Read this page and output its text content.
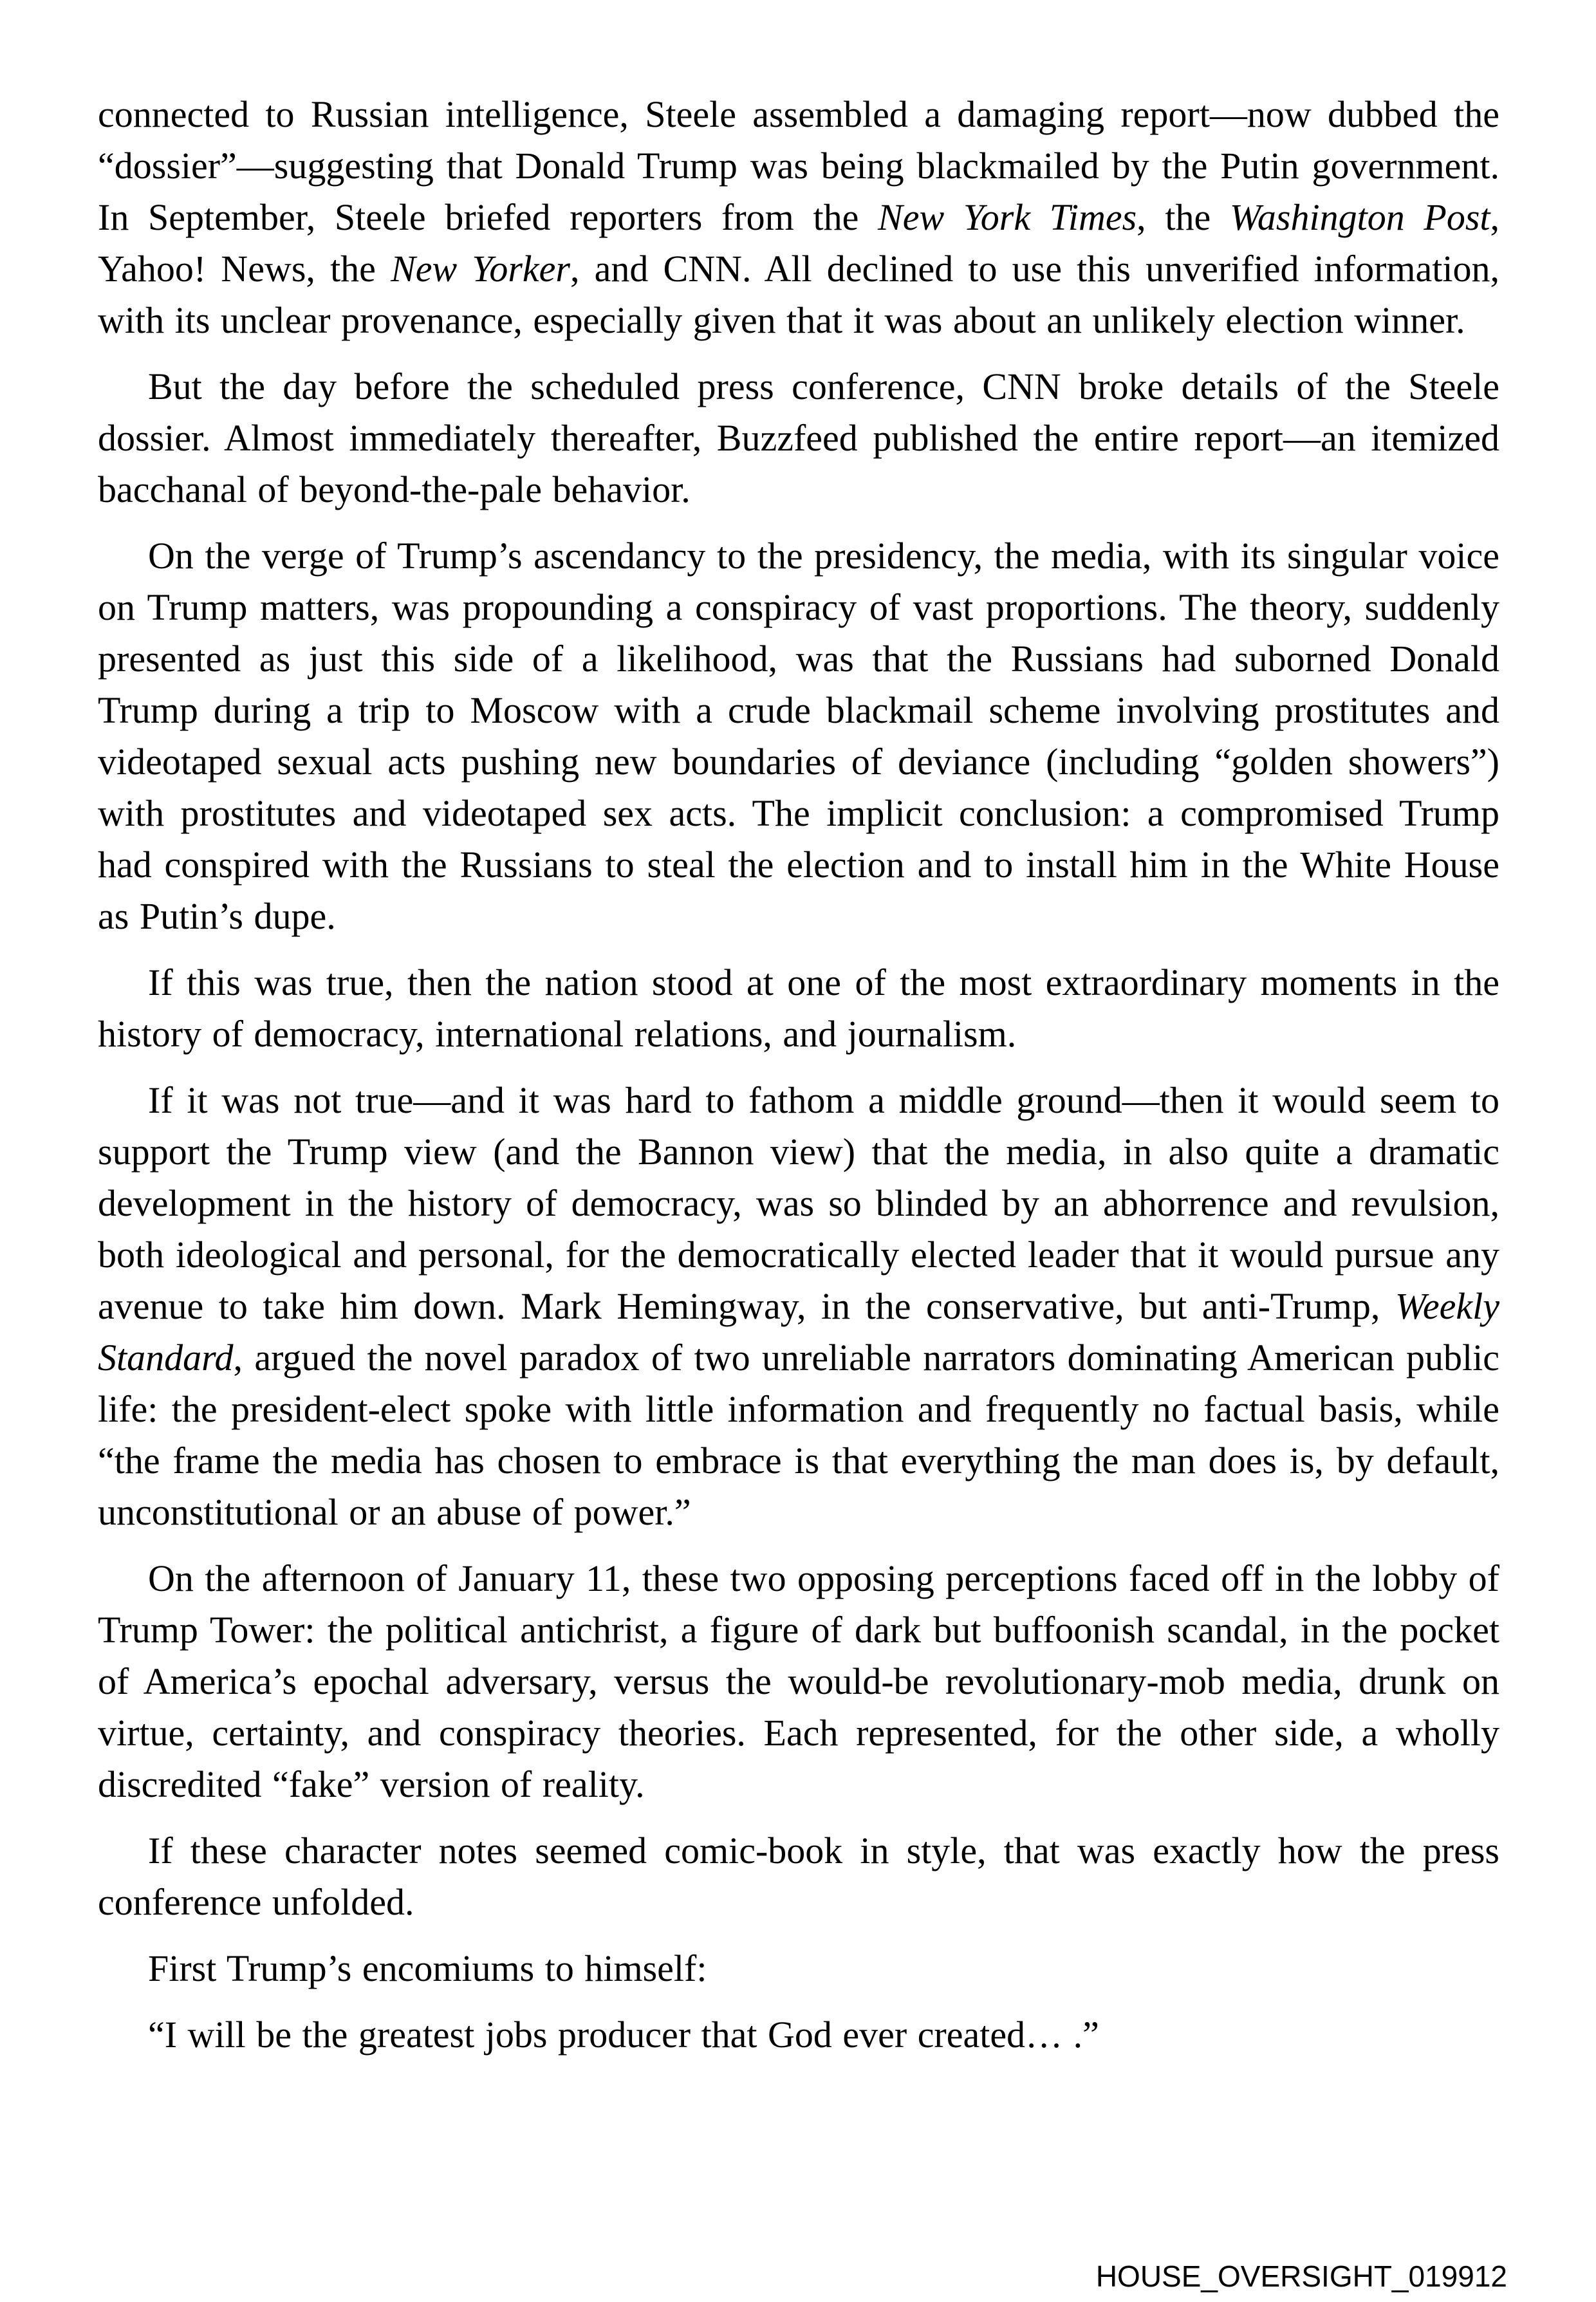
connected to Russian intelligence, Steele assembled a damaging report—now dubbed the “dossier”—suggesting that Donald Trump was being blackmailed by the Putin government. In September, Steele briefed reporters from the New York Times, the Washington Post, Yahoo! News, the New Yorker, and CNN. All declined to use this unverified information, with its unclear provenance, especially given that it was about an unlikely election winner.

But the day before the scheduled press conference, CNN broke details of the Steele dossier. Almost immediately thereafter, Buzzfeed published the entire report—an itemized bacchanal of beyond-the-pale behavior.

On the verge of Trump’s ascendancy to the presidency, the media, with its singular voice on Trump matters, was propounding a conspiracy of vast proportions. The theory, suddenly presented as just this side of a likelihood, was that the Russians had suborned Donald Trump during a trip to Moscow with a crude blackmail scheme involving prostitutes and videotaped sexual acts pushing new boundaries of deviance (including “golden showers”) with prostitutes and videotaped sex acts. The implicit conclusion: a compromised Trump had conspired with the Russians to steal the election and to install him in the White House as Putin’s dupe.

If this was true, then the nation stood at one of the most extraordinary moments in the history of democracy, international relations, and journalism.

If it was not true—and it was hard to fathom a middle ground—then it would seem to support the Trump view (and the Bannon view) that the media, in also quite a dramatic development in the history of democracy, was so blinded by an abhorrence and revulsion, both ideological and personal, for the democratically elected leader that it would pursue any avenue to take him down. Mark Hemingway, in the conservative, but anti-Trump, Weekly Standard, argued the novel paradox of two unreliable narrators dominating American public life: the president-elect spoke with little information and frequently no factual basis, while “the frame the media has chosen to embrace is that everything the man does is, by default, unconstitutional or an abuse of power.”

On the afternoon of January 11, these two opposing perceptions faced off in the lobby of Trump Tower: the political antichrist, a figure of dark but buffoonish scandal, in the pocket of America’s epochal adversary, versus the would-be revolutionary-mob media, drunk on virtue, certainty, and conspiracy theories. Each represented, for the other side, a wholly discredited “fake” version of reality.

If these character notes seemed comic-book in style, that was exactly how the press conference unfolded.

First Trump’s encomiums to himself:

“I will be the greatest jobs producer that God ever created… .”

HOUSE_OVERSIGHT_019912
